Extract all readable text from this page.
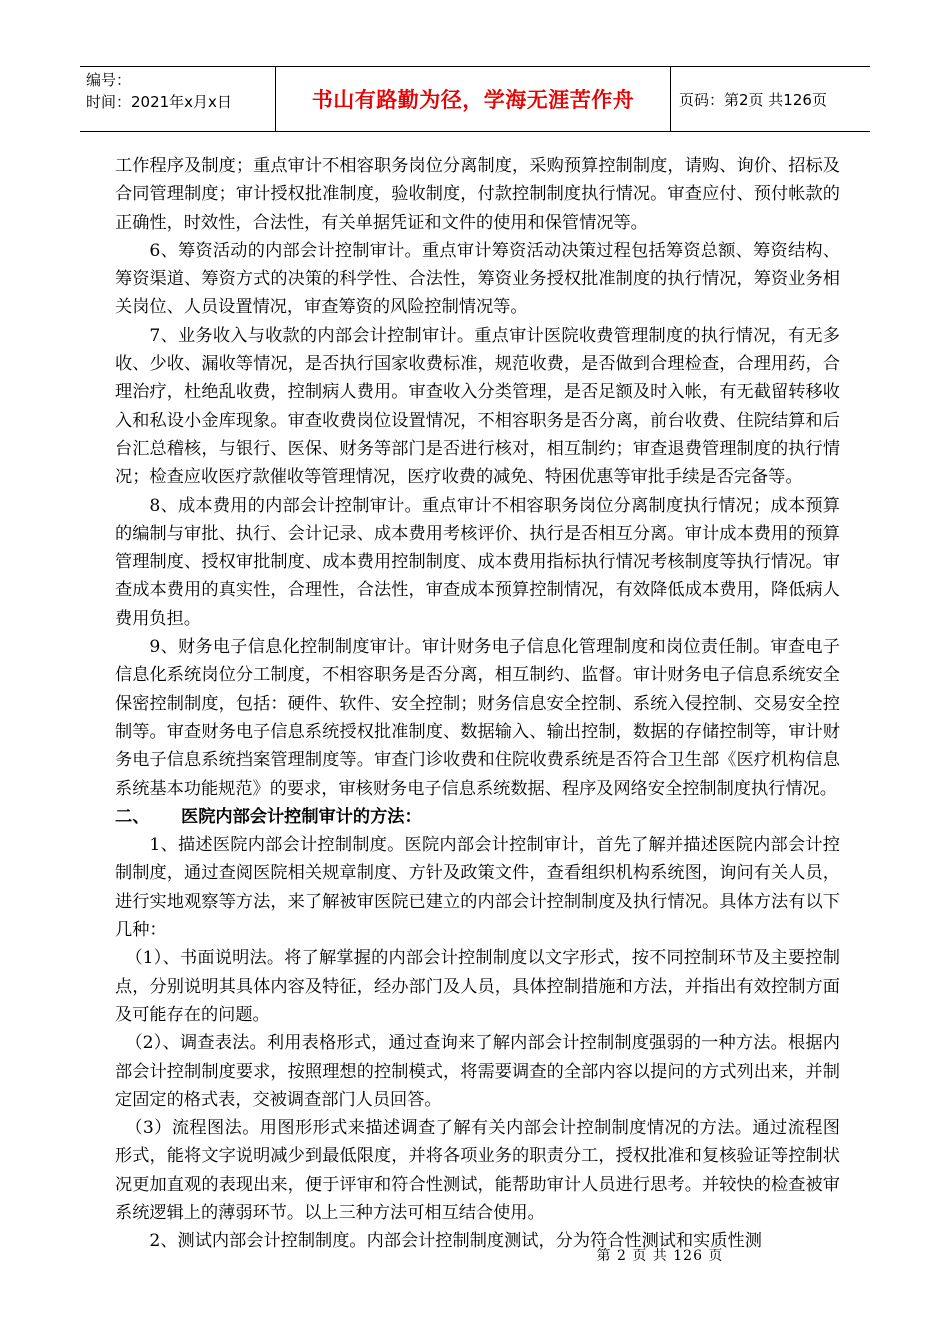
编号：
时间：2021年x月x日	书山有路勤为径，学海无涯苦作舟	页码：第2页 共126页

工作程序及制度；重点审计不相容职务岗位分离制度，采购预算控制制度，请购、询价、招标及合同管理制度；审计授权批准制度，验收制度，付款控制制度执行情况。审查应付、预付帐款的正确性，时效性，合法性，有关单据凭证和文件的使用和保管情况等。

6、筹资活动的内部会计控制审计。重点审计筹资活动决策过程包括筹资总额、筹资结构、筹资渠道、筹资方式的决策的科学性、合法性，筹资业务授权批准制度的执行情况，筹资业务相关岗位、人员设置情况，审查筹资的风险控制情况等。

7、业务收入与收款的内部会计控制审计。重点审计医院收费管理制度的执行情况，有无多收、少收、漏收等情况，是否执行国家收费标准，规范收费，是否做到合理检查，合理用药，合理治疗，杜绝乱收费，控制病人费用。审查收入分类管理，是否足额及时入帐，有无截留转移收入和私设小金库现象。审查收费岗位设置情况，不相容职务是否分离，前台收费、住院结算和后台汇总稽核，与银行、医保、财务等部门是否进行核对，相互制约；审查退费管理制度的执行情况；检查应收医疗款催收等管理情况，医疗收费的减免、特困优惠等审批手续是否完备等。

8、成本费用的内部会计控制审计。重点审计不相容职务岗位分离制度执行情况；成本预算的编制与审批、执行、会计记录、成本费用考核评价、执行是否相互分离。审计成本费用的预算管理制度、授权审批制度、成本费用控制制度、成本费用指标执行情况考核制度等执行情况。审查成本费用的真实性，合理性，合法性，审查成本预算控制情况，有效降低成本费用，降低病人费用负担。

9、财务电子信息化控制制度审计。审计财务电子信息化管理制度和岗位责任制。审查电子信息化系统岗位分工制度，不相容职务是否分离，相互制约、监督。审计财务电子信息系统安全保密控制制度，包括：硬件、软件、安全控制；财务信息安全控制、系统入侵控制、交易安全控制等。审查财务电子信息系统授权批准制度、数据输入、输出控制，数据的存储控制等，审计财务电子信息系统挡案管理制度等。审查门诊收费和住院收费系统是否符合卫生部《医疗机构信息系统基本功能规范》的要求，审核财务电子信息系统数据、程序及网络安全控制制度执行情况。

二、 医院内部会计控制审计的方法：

1、描述医院内部会计控制制度。医院内部会计控制审计，首先了解并描述医院内部会计控制制度，通过查阅医院相关规章制度、方针及政策文件，查看组织机构系统图，询问有关人员，进行实地观察等方法，来了解被审医院已建立的内部会计控制制度及执行情况。具体方法有以下几种：

（1）、书面说明法。将了解掌握的内部会计控制制度以文字形式，按不同控制环节及主要控制点，分别说明其具体内容及特征，经办部门及人员，具体控制措施和方法，并指出有效控制方面及可能存在的问题。

（2）、调查表法。利用表格形式，通过查询来了解内部会计控制制度强弱的一种方法。根据内部会计控制制度要求，按照理想的控制模式，将需要调查的全部内容以提问的方式列出来，并制定固定的格式表，交被调查部门人员回答。

（3）流程图法。用图形形式来描述调查了解有关内部会计控制制度情况的方法。通过流程图形式，能将文字说明减少到最低限度，并将各项业务的职责分工，授权批准和复核验证等控制状况更加直观的表现出来，便于评审和符合性测试，能帮助审计人员进行思考。并较快的检查被审系统逻辑上的薄弱环节。以上三种方法可相互结合使用。

2、测试内部会计控制制度。内部会计控制制度测试，分为符合性测试和实质性测

第 2 页 共 126 页
